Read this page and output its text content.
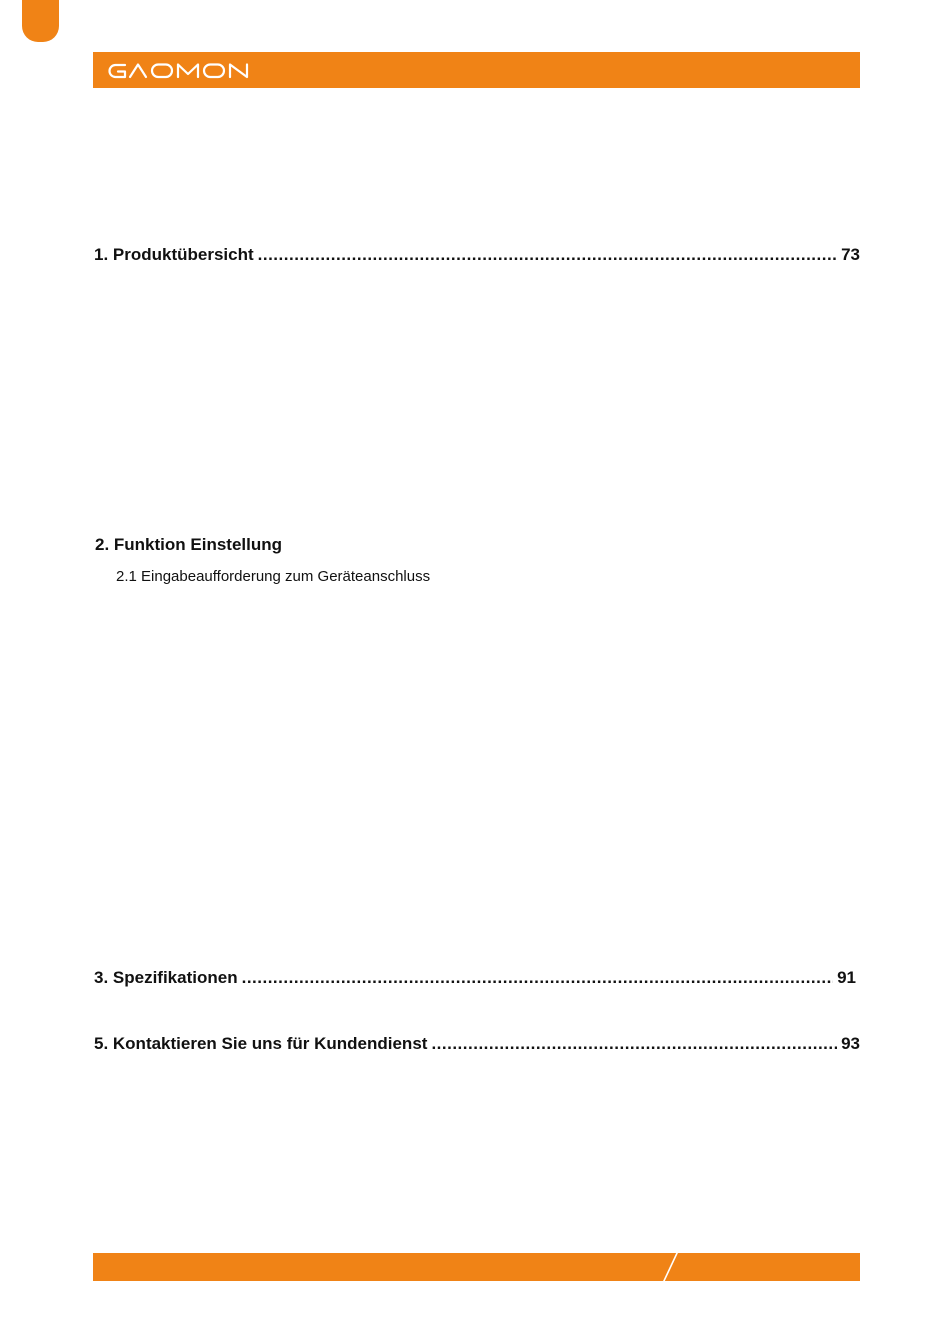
1. Produktübersicht .....	73
2. Funktion Einstellung
2.1 Eingabeaufforderung zum Geräteanschluss
3. Spezifikationen .....	91
5. Kontaktieren Sie uns für Kundendienst .....	93
